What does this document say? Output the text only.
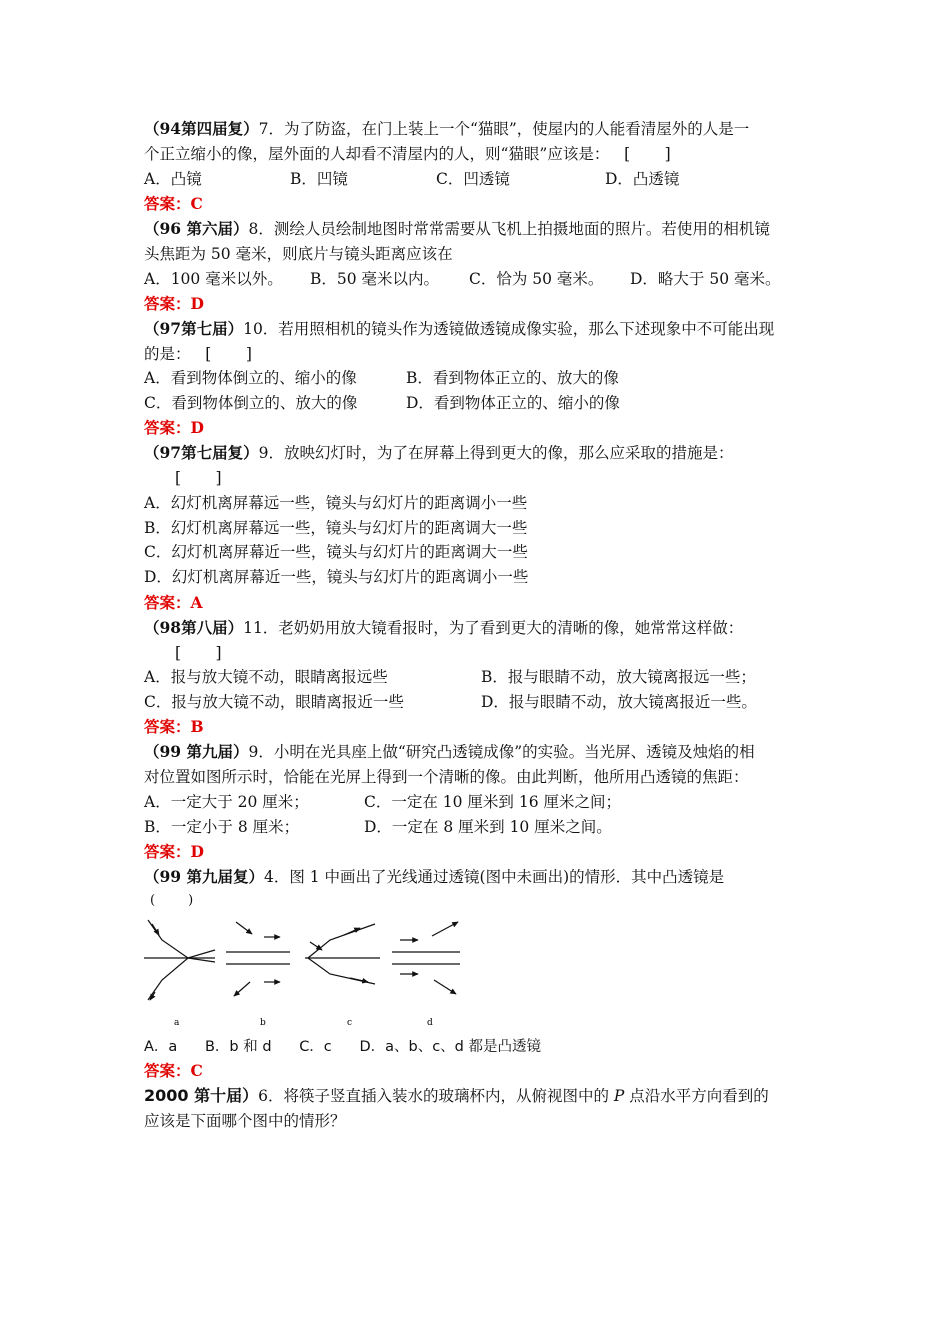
（94第四届复）7．为了防盗，在门上装上一个“猫眼”，使屋内的人能看清屋外的人是一
个正立缩小的像，屋外面的人却看不清屋内的人，则“猫眼”应该是：   [       ]
A．凸镜	B．凹镜	C．凹透镜	D．凸透镜
答案：C
（96 第六届）8．测绘人员绘制地图时常常需要从飞机上拍摄地面的照片。若使用的相机镜
头焦距为 50 毫米，则底片与镜头距离应该在
A．100 毫米以外。 B．50 毫米以内。 C．恰为 50 毫米。 D．略大于 50 毫米。
答案：D
（97第七届）10．若用照相机的镜头作为透镜做透镜成像实验，那么下述现象中不可能出现
的是：   [       ]
A．看到物体倒立的、缩小的像	B．看到物体正立的、放大的像
C．看到物体倒立的、放大的像	D．看到物体正立的、缩小的像
答案：D
（97第七届复）9．放映幻灯时，为了在屏幕上得到更大的像，那么应采取的措施是：
[       ]
A．幻灯机离屏幕远一些，镜头与幻灯片的距离调小一些
B．幻灯机离屏幕远一些，镜头与幻灯片的距离调大一些
C．幻灯机离屏幕近一些，镜头与幻灯片的距离调大一些
D．幻灯机离屏幕近一些，镜头与幻灯片的距离调小一些
答案：A
（98第八届）11．老奶奶用放大镜看报时，为了看到更大的清晰的像，她常常这样做：
[       ]
A．报与放大镜不动，眼睛离报远些	B．报与眼睛不动，放大镜离报远一些；
C．报与放大镜不动，眼睛离报近一些	D．报与眼睛不动，放大镜离报近一些。
答案：B
（99 第九届）9．小明在光具座上做“研究凸透镜成像”的实验。当光屏、透镜及烛焰的相
对位置如图所示时，恰能在光屏上得到一个清晰的像。由此判断，他所用凸透镜的焦距：
A．一定大于 20 厘米；	C．一定在 10 厘米到 16 厘米之间；
B．一定小于 8 厘米；	D．一定在 8 厘米到 10 厘米之间。
答案：D
（99 第九届复）4．图 1 中画出了光线通过透镜(图中未画出)的情形．其中凸透镜是
(        )
a	b	c	d
A．a      B．b 和 d      C．c      D．a、b、c、d 都是凸透镜
答案：C
2000 第十届）6．将筷子竖直插入装水的玻璃杯内，从俯视图中的 P 点沿水平方向看到的
应该是下面哪个图中的情形？
